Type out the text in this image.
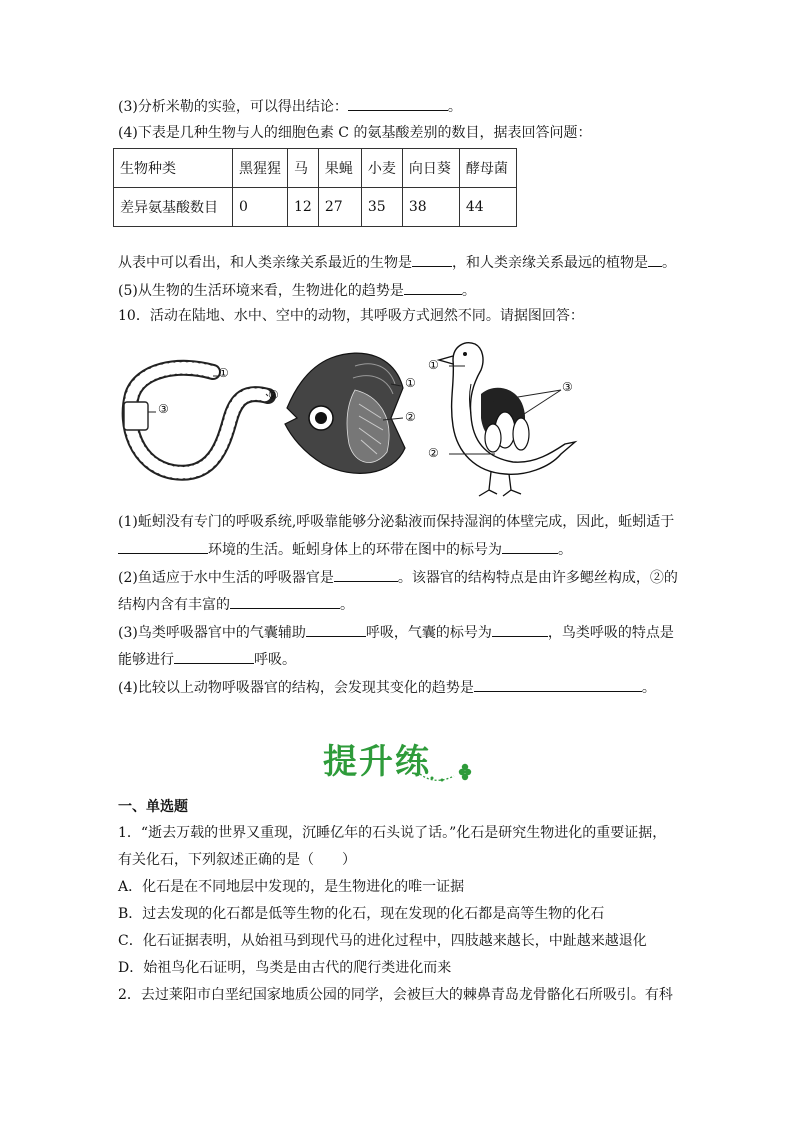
(3)分析米勒的实验，可以得出结论：	。
(4)下表是几种生物与人的细胞色素 C 的氨基酸差别的数目，据表回答问题：
生物种类	黑猩猩	马	果蝇	小麦	向日葵	酵母菌
差异氨基酸数目	0	12	27	35	38	44
从表中可以看出，和人类亲缘关系最近的生物是	，和人类亲缘关系最远的植物是 。
(5)从生物的生活环境来看，生物进化的趋势是	。
10．活动在陆地、水中、空中的动物，其呼吸方式迥然不同。请据图回答：
①
②
③
①
②
①
③
②
(1)蚯蚓没有专门的呼吸系统,呼吸靠能够分泌黏液而保持湿润的体壁完成，因此，蚯蚓适于
环境的生活。蚯蚓身体上的环带在图中的标号为	。
(2)鱼适应于水中生活的呼吸器官是	。该器官的结构特点是由许多鳃丝构成，②的
结构内含有丰富的	。
(3)鸟类呼吸器官中的气囊辅助	呼吸，气囊的标号为	，鸟类呼吸的特点是
能够进行	呼吸。
(4)比较以上动物呼吸器官的结构，会发现其变化的趋势是	。
提升练
一、单选题
1．“逝去万载的世界又重现，沉睡亿年的石头说了话。”化石是研究生物进化的重要证据，
有关化石，下列叙述正确的是（　　）
A．化石是在不同地层中发现的，是生物进化的唯一证据
B．过去发现的化石都是低等生物的化石，现在发现的化石都是高等生物的化石
C．化石证据表明，从始祖马到现代马的进化过程中，四肢越来越长，中趾越来越退化
D．始祖鸟化石证明，鸟类是由古代的爬行类进化而来
2．去过莱阳市白垩纪国家地质公园的同学，会被巨大的棘鼻青岛龙骨骼化石所吸引。有科
